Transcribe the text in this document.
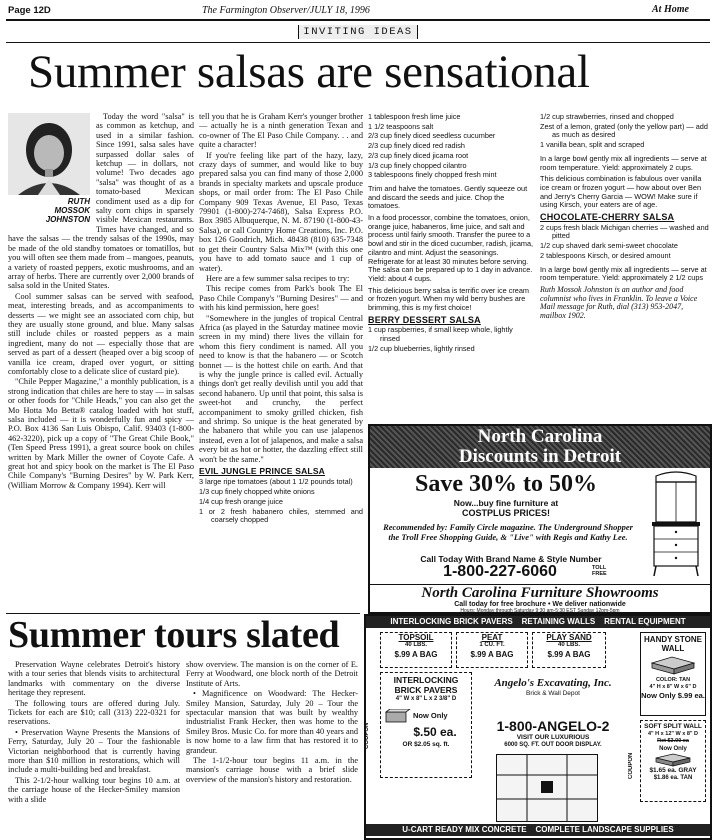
Page 12D	The Farmington Observer/JULY 18, 1996	At Home
INVITING IDEAS
Summer salsas are sensational
RUTH
MOSSOK
JOHNSTON

Today the word "salsa" is as common as ketchup, and used in a similar fashion. Since 1991, salsa sales have surpassed dollar sales of ketchup — in dollars, not volume! Two decades ago "salsa" was thought of as a tomato-based Mexican condiment used as a dip for salty corn chips in sparsely visible Mexican restaurants. Times have changed, and so have the salsas — the trendy salsas of the 1990s, may be made of the old standby tomatoes or tomatillos, but you will often see them made from – mangoes, peanuts, a variety of roasted peppers, exotic mushrooms, and an array of herbs. There are currently over 2,000 brands of salsa sold in the United States.

Cool summer salsas can be served with seafood, meat, interesting breads, and as accompaniments to desserts — we might see an associated corn chip, but they are usually stone ground, and blue. Many salsas still include chiles or roasted peppers as a main ingredient, many do not — especially those that are served as part of a dessert (heaped over a big scoop of vanilla ice cream, draped over yogurt, or sitting comfortably close to a delicate slice of custard pie).

"Chile Pepper Magazine," a monthly publication, is a strong indication that chiles are here to stay — in salsas or other foods for "Chile Heads," you can also get the Mo Hotta Mo Betta® catalog loaded with hot stuff, salsa included — it is wonderfully fun and spicy — P.O. Box 4136 San Luis Obispo, Calif. 93403 (1-800-462-3220), pick up a copy of "The Great Chile Book," (Ten Speed Press 1991), a great source book on chiles written by Mark Miller the owner of Coyote Cafe. A great hot and spicy book on the market is The El Paso Chile Company's "Burning Desires" by W. Park Kerr, (William Morrow & Company 1994). Kerr will

tell you that he is Graham Kerr's younger brother — actually he is a ninth generation Texan and co-owner of The El Paso Chile Company. . . and quite a character!

If you're feeling like part of the hazy, lazy, crazy days of summer, and would like to buy prepared salsa you can find many of those 2,000 brands in specialty markets and upscale produce shops, or mail order from: The El Paso Chile Company 909 Texas Avenue, El Paso, Texas 79901 (1-800)-274-7468), Salsa Express P.O. Box 3985 Albuquerque, N. M. 87190 (1-800-43-Salsa), or call Country Home Creations, Inc. P.O. box 126 Goodrich, Mich. 48438 (810) 635-7348 to get their Country Salsa Mix™ (with this one you have to add tomato sauce and 1 cup of water).

Here are a few summer salsa recipes to try:

This recipe comes from Park's book The El Paso Chile Company's "Burning Desires" — and with his kind permission, here goes!

"Somewhere in the jungles of tropical Central Africa (as played in the Saturday matinee movie screen in my mind) there lives the villain for whom this fiery condiment is named. All you need to know is that the habanero — or Scotch bonnet — is the hottest chile on earth. And that is why the jungle prince is called evil. Actually things don't get really devilish until you add that second habanero. Up until that point, this salsa is sweet-hot and crunchy, the perfect accompaniment to smoky grilled chicken, fish and shrimp. So unique is the heat generated by the habanero that while you can use jalapenos instead, even a lot of jalapenos, and make a salsa every bit as hot or hotter, the dazzling effect still won't be the same."

EVIL JUNGLE PRINCE SALSA
3 large ripe tomatoes (about 1 1/2 pounds total)
1/3 cup finely chopped white onions
1/4 cup fresh orange juice
1 or 2 fresh habanero chiles, stemmed and coarsely chopped
1 tablespoon fresh lime juice
1 1/2 teaspoons salt
2/3 cup finely diced seedless cucumber
2/3 cup finely diced red radish
2/3 cup finely diced jicama root
1/3 cup finely chopped cilantro
3 tablespoons finely chopped fresh mint

Trim and halve the tomatoes. Gently squeeze out and discard the seeds and juice. Chop the tomatoes.

In a food processor, combine the tomatoes, onion, orange juice, habaneros, lime juice, and salt and process until fairly smooth. Transfer the puree to a bowl and stir in the diced cucumber, radish, jicama, cilantro and mint. Adjust the seasonings. Refrigerate for at least 30 minutes before serving. The salsa can be prepared up to 1 day in advance. Yield: about 4 cups.

This delicious berry salsa is terrific over ice cream or frozen yogurt. When my wild berry bushes are brimming, this is my first choice!

BERRY DESSERT SALSA
1 cup raspberries, if small keep whole, lightly rinsed
1/2 cup blueberries, lightly rinsed
1/2 cup strawberries, rinsed and chopped
Zest of a lemon, grated (only the yellow part) — add as much as desired
1 vanilla bean, split and scraped

In a large bowl gently mix all ingredients — serve at room temperature. Yield: approximately 2 cups.

This delicious combination is fabulous over vanilla ice cream or frozen yogurt — how about over Ben and Jerry's Cherry Garcia — WOW! Make sure if using Kirsch, your eaters are of age.

CHOCOLATE-CHERRY SALSA
2 cups fresh black Michigan cherries — washed and pitted
1/2 cup shaved dark semi-sweet chocolate
2 tablespoons Kirsch, or desired amount

In a large bowl gently mix all ingredients — serve at room temperature. Yield: approximately 2 1/2 cups

Ruth Mossok Johnston is an author and food columnist who lives in Franklin. To leave a Voice Mail message for Ruth, dial (313) 953-2047, mailbox 1902.

North Carolina
Discounts in Detroit
Save 30% to 50%
Now...buy fine furniture at
COSTPLUS PRICES!
Recommended by: Family Circle magazine. The Underground Shopper the Troll Free Shopping Guide, & "Live" with Regis and Kathy Lee.
Call Today With Brand Name & Style Number
1-800-227-6060	TOLL FREE
North Carolina Furniture Showrooms
Call today for free brochure • We deliver nationwide
Hours: Monday through Saturday 9:30 am-5:30 EST Sunday 12pm-5pm
Summer tours slated

Preservation Wayne celebrates Detroit's history with a tour series that blends visits to architectural landmarks with commentary on the diverse heritage they represent.

The following tours are offered during July. Tickets for each are $10; call (313) 222-0321 for reservations.

• Preservation Wayne Presents the Mansions of Ferry, Saturday, July 20 – Tour the fashionable Victorian neighborhood that is currently having more than $10 million in restorations, which will include a multi-building bed and breakfast.

This 2-1/2-hour walking tour begins 10 a.m. at the carriage house of the Hecker-Smiley mansion with a slide

show overview. The mansion is on the corner of E. Ferry at Woodward, one block north of the Detroit Institute of Arts.

• Magnificence on Woodward: The Hecker-Smiley Mansion, Saturday, July 20 – Tour the spectacular mansion that was built by wealthy industrialist Frank Hecker, then was home to the Smiley Bros. Music Co. for more than 40 years and is now home to a law firm that has restored it to grandeur.

The 1-1/2-hour tour begins 11 a.m. in the mansion's carriage house with a brief slide overview of the mansion's history and restoration.

INTERLOCKING BRICK PAVERS    RETAINING WALLS    RENTAL EQUIPMENT
COUPON
COUPON
TOPSOIL
40 LBS.
$.99 A BAG
PEAT
1 CU. FT.
$.99 A BAG
PLAY SAND
40 LBS.
$.99 A BAG
HANDY STONE WALL
COLOR: TAN
4" H x 8" W x 6" D
Now Only $.99 ea.
INTERLOCKING BRICK PAVERS
4" W x 8" L x 2 3/8" D
Now Only
$.50 ea.
OR $2.05 sq. ft.
Angelo's Excavating, Inc.
Brick & Wall Depot
1-800-ANGELO-2
VISIT OUR LUXURIOUS
6000 SQ. FT. OUT DOOR DISPLAY.
SOFT SPLIT WALL
4" H x 12" W x 8" D
Ret $3.00 ea
Now Only
$1.65 ea. GRAY
$1.86 ea. TAN
U-CART READY MIX CONCRETE    COMPLETE LANDSCAPE SUPPLIES
